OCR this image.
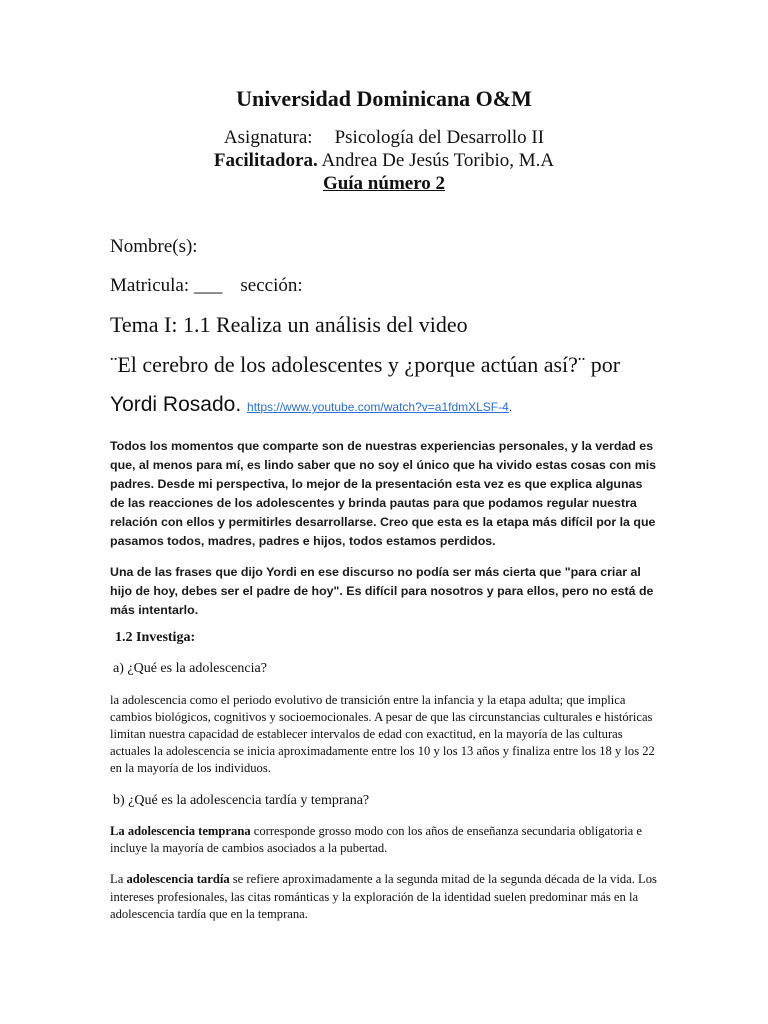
Universidad Dominicana O&M
Asignatura: Psicología del Desarrollo II
Facilitadora. Andrea De Jesús Toribio, M.A
Guía número 2
Nombre(s):
Matricula: ___ sección:
Tema I: 1.1 Realiza un análisis del video
¨El cerebro de los adolescentes y ¿porque actúan así?¨ por
Yordi Rosado. https://www.youtube.com/watch?v=a1fdmXLSF-4.
Todos los momentos que comparte son de nuestras experiencias personales, y la verdad es que, al menos para mí, es lindo saber que no soy el único que ha vivido estas cosas con mis padres. Desde mi perspectiva, lo mejor de la presentación esta vez es que explica algunas de las reacciones de los adolescentes y brinda pautas para que podamos regular nuestra relación con ellos y permitirles desarrollarse. Creo que esta es la etapa más difícil por la que pasamos todos, madres, padres e hijos, todos estamos perdidos.
Una de las frases que dijo Yordi en ese discurso no podía ser más cierta que "para criar al hijo de hoy, debes ser el padre de hoy". Es difícil para nosotros y para ellos, pero no está de más intentarlo.
1.2 Investiga:
a) ¿Qué es la adolescencia?
la adolescencia como el periodo evolutivo de transición entre la infancia y la etapa adulta; que implica cambios biológicos, cognitivos y socioemocionales. A pesar de que las circunstancias culturales e históricas limitan nuestra capacidad de establecer intervalos de edad con exactitud, en la mayoría de las culturas actuales la adolescencia se inicia aproximadamente entre los 10 y los 13 años y finaliza entre los 18 y los 22 en la mayoría de los individuos.
b) ¿Qué es la adolescencia tardía y temprana?
La adolescencia temprana corresponde grosso modo con los años de enseñanza secundaria obligatoria e incluye la mayoría de cambios asociados a la pubertad.
La adolescencia tardía se refiere aproximadamente a la segunda mitad de la segunda década de la vida. Los intereses profesionales, las citas románticas y la exploración de la identidad suelen predominar más en la adolescencia tardía que en la temprana.
